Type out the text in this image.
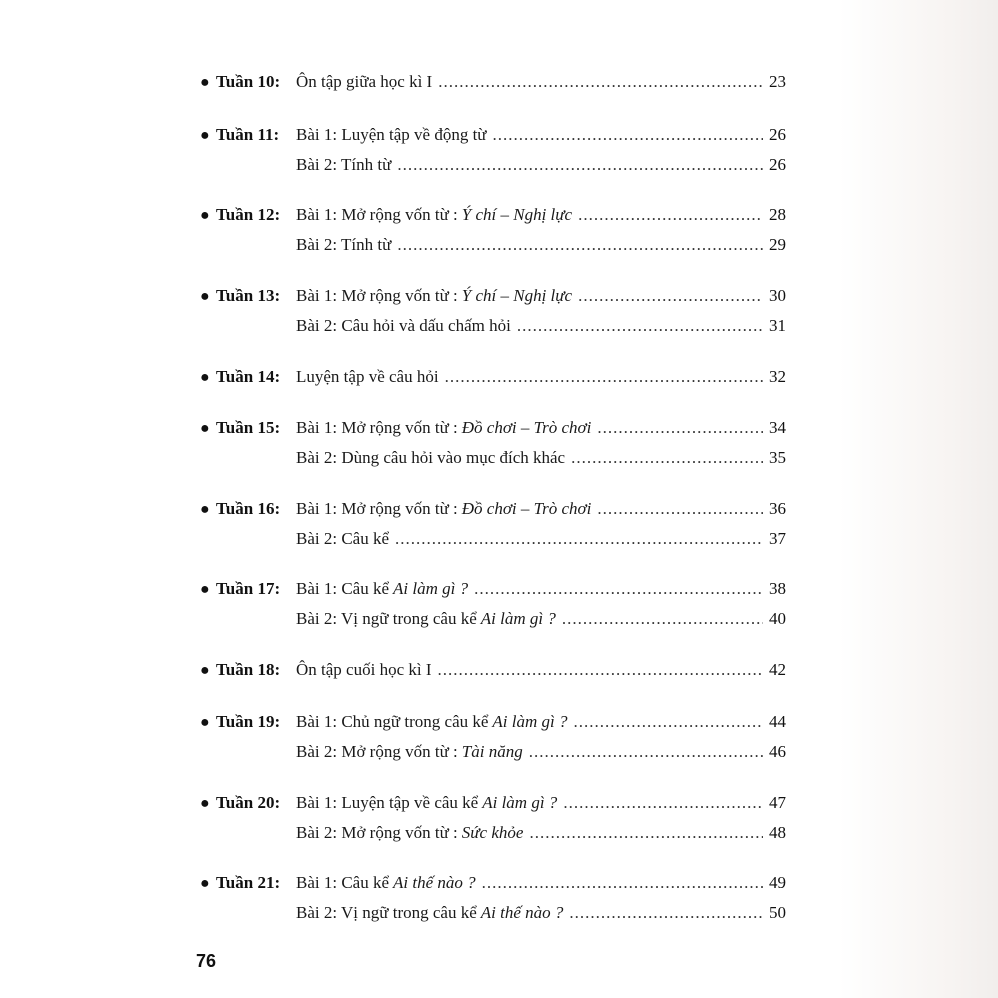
● Tuần 10: Ôn tập giữa học kì I .....	23
● Tuần 11: Bài 1: Luyện tập về động từ .....	26
Bài 2: Tính từ .....	26
● Tuần 12: Bài 1: Mở rộng vốn từ : Ý chí – Nghị lực .....	28
Bài 2: Tính từ .....	29
● Tuần 13: Bài 1: Mở rộng vốn từ : Ý chí – Nghị lực .....	30
Bài 2: Câu hỏi và dấu chấm hỏi .....	31
● Tuần 14: Luyện tập về câu hỏi .....	32
● Tuần 15: Bài 1: Mở rộng vốn từ : Đồ chơi – Trò chơi .....	34
Bài 2: Dùng câu hỏi vào mục đích khác .....	35
● Tuần 16: Bài 1: Mở rộng vốn từ : Đồ chơi – Trò chơi .....	36
Bài 2: Câu kể .....	37
● Tuần 17: Bài 1: Câu kể Ai làm gì ? .....	38
Bài 2: Vị ngữ trong câu kể Ai làm gì ? .....	40
● Tuần 18: Ôn tập cuối học kì I .....	42
● Tuần 19: Bài 1: Chủ ngữ trong câu kể Ai làm gì ? .....	44
Bài 2: Mở rộng vốn từ : Tài năng .....	46
● Tuần 20: Bài 1: Luyện tập về câu kể Ai làm gì ? .....	47
Bài 2: Mở rộng vốn từ : Sức khỏe .....	48
● Tuần 21: Bài 1: Câu kể Ai thế nào ? .....	49
Bài 2: Vị ngữ trong câu kể Ai thế nào ? .....	50
76
